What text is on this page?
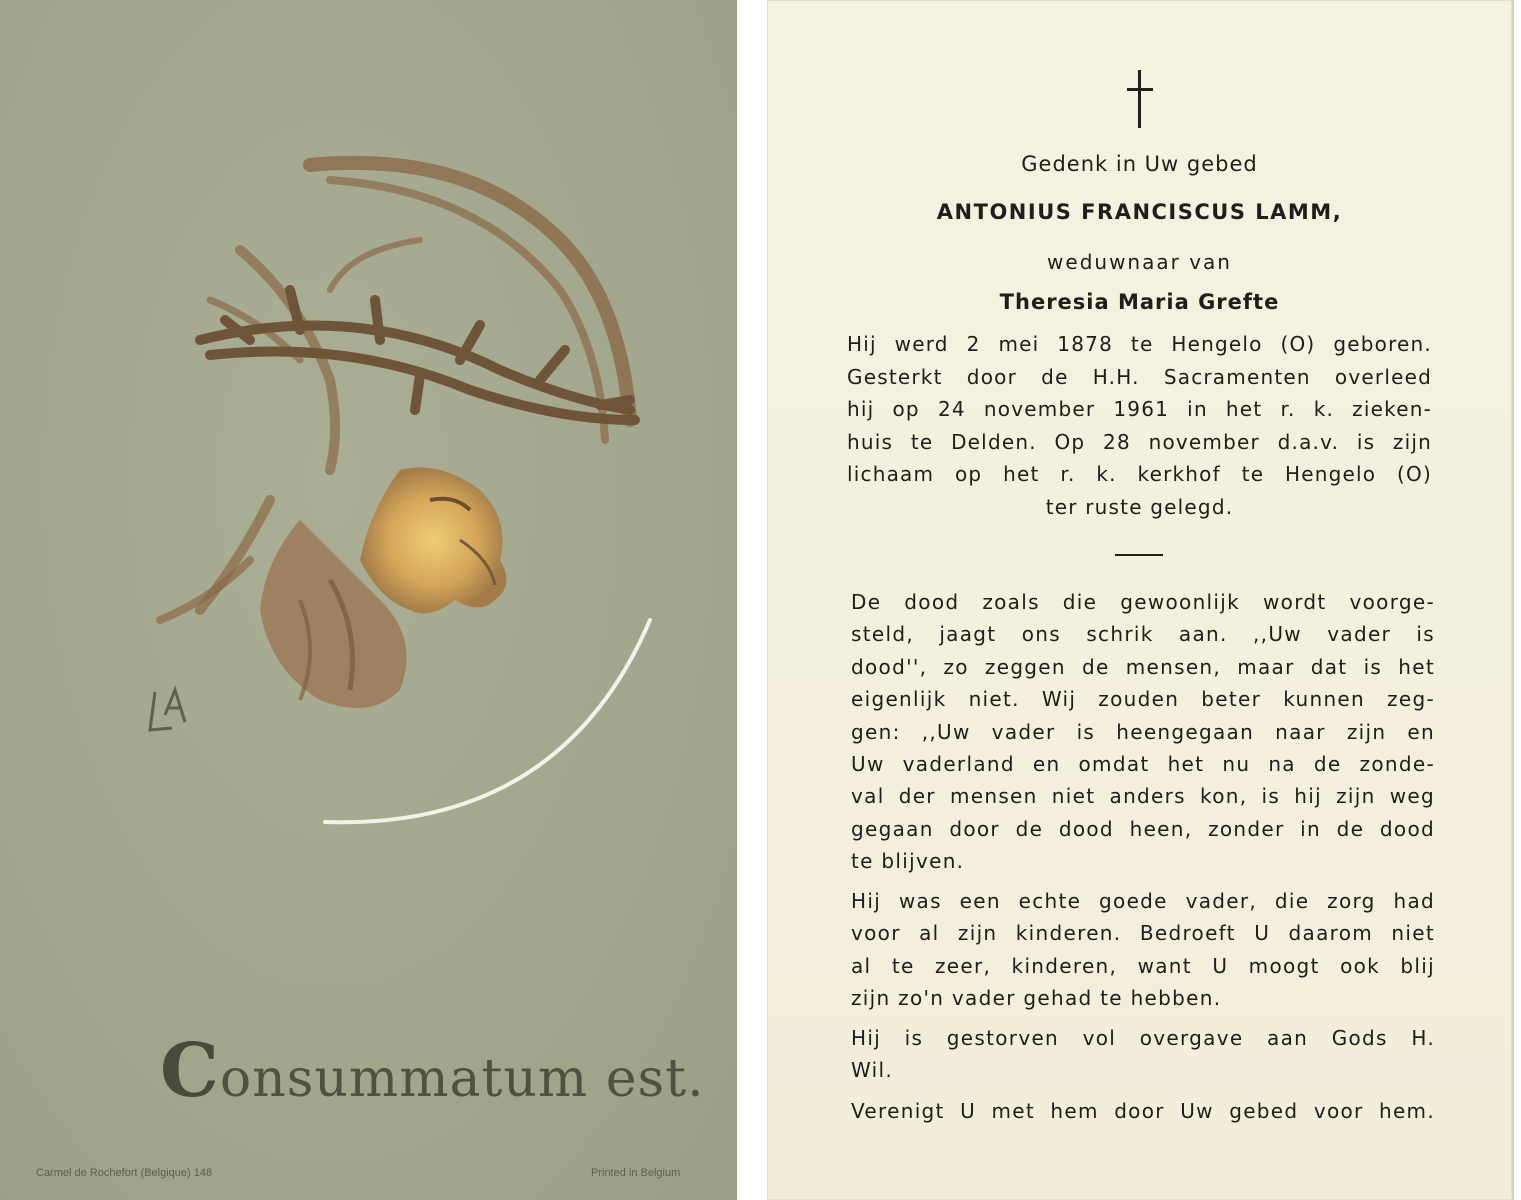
Consummatum est.
Carmel de Rochefort (Belgique) 148	Printed in Belgium
Gedenk in Uw gebed
ANTONIUS FRANCISCUS LAMM,
weduwnaar van
Theresia Maria Grefte
Hij werd 2 mei 1878 te Hengelo (O) geboren.
Gesterkt door de H.H. Sacramenten overleed
hij op 24 november 1961 in het r. k. zieken-
huis te Delden. Op 28 november d.a.v. is zijn
lichaam op het r. k. kerkhof te Hengelo (O)
ter ruste gelegd.
De dood zoals die gewoonlijk wordt voorge-
steld, jaagt ons schrik aan. ,,Uw vader is
dood'', zo zeggen de mensen, maar dat is het
eigenlijk niet. Wij zouden beter kunnen zeg-
gen: ,,Uw vader is heengegaan naar zijn en
Uw vaderland en omdat het nu na de zonde-
val der mensen niet anders kon, is hij zijn weg
gegaan door de dood heen, zonder in de dood
te blijven.
Hij was een echte goede vader, die zorg had
voor al zijn kinderen. Bedroeft U daarom niet
al te zeer, kinderen, want U moogt ook blij
zijn zo'n vader gehad te hebben.
Hij is gestorven vol overgave aan Gods H.
Wil.
Verenigt U met hem door Uw gebed voor hem.
